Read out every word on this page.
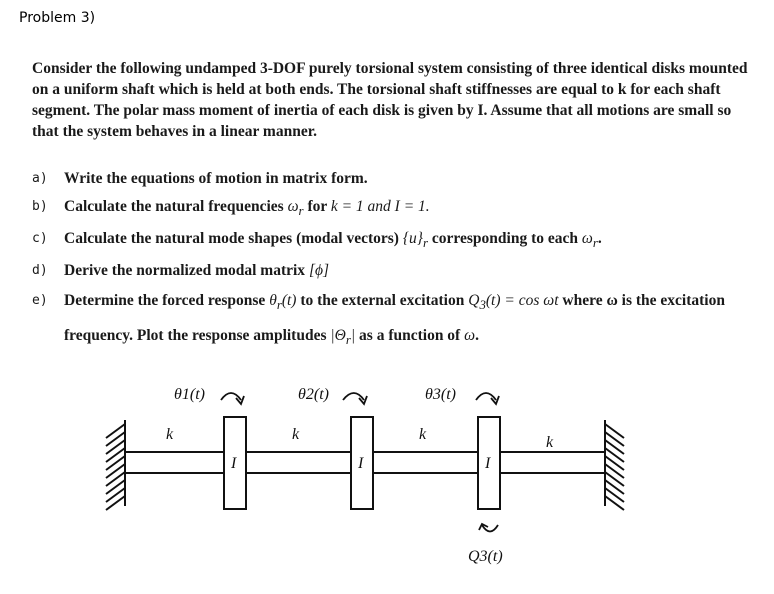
Problem 3)

Consider the following undamped 3-DOF purely torsional system consisting of three identical disks mounted on a uniform shaft which is held at both ends. The torsional shaft stiffnesses are equal to k for each shaft segment. The polar mass moment of inertia of each disk is given by I. Assume that all motions are small so that the system behaves in a linear manner.

a) Write the equations of motion in matrix form.
b) Calculate the natural frequencies $\omega_r$ for k = 1 and I = 1.
c) Calculate the natural mode shapes (modal vectors) $\{u\}_r$ corresponding to each $\omega_r$.
d) Derive the normalized modal matrix [ϕ]
e) Determine the forced response $\theta_r(t)$ to the external excitation $Q_3(t) = \cos \omega t$ where ω is the excitation frequency. Plot the response amplitudes $|\Theta_r|$ as a function of ω.
I	I	I
k	k	k	k
θ1(t)	θ2(t)	θ3(t)
Q3(t)
